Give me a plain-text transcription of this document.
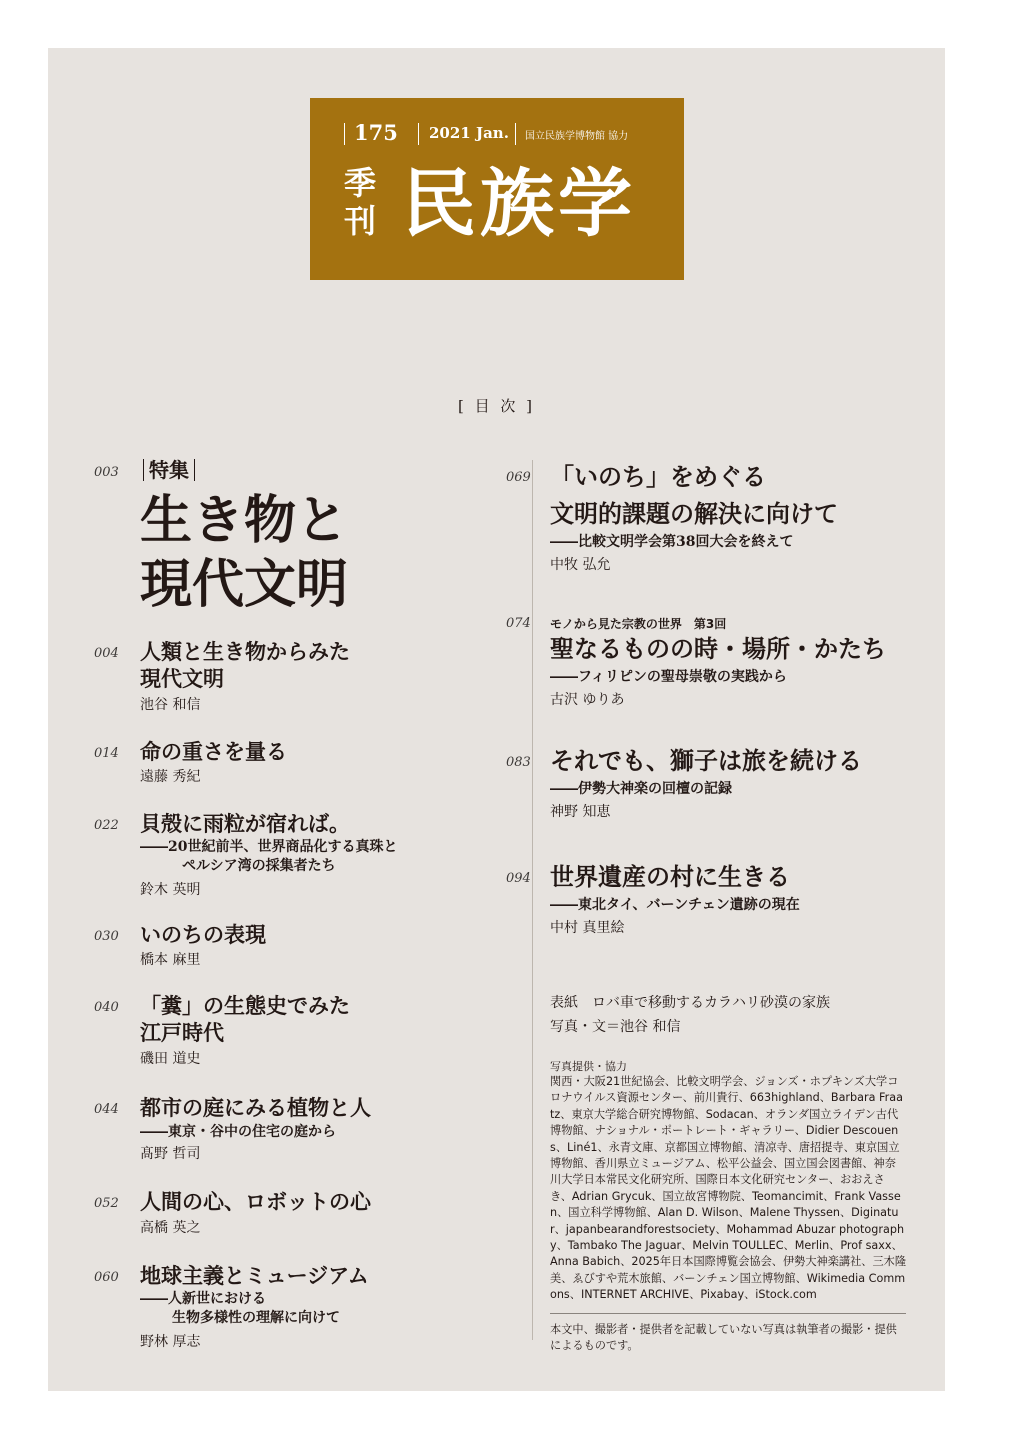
175 2021 Jan. 国立民族学博物館 協力
季刊 民族学
[ 目 次 ]
003	特集
生き物と
現代文明
004 人類と生き物からみた
現代文明
池谷 和信
014 命の重さを量る
遠藤 秀紀
022 貝殻に雨粒が宿れば。
――20世紀前半、世界商品化する真珠と
ペルシア湾の採集者たち
鈴木 英明
030 いのちの表現
橋本 麻里
040 「糞」の生態史でみた
江戸時代
磯田 道史
044 都市の庭にみる植物と人
――東京・谷中の住宅の庭から
髙野 哲司
052 人間の心、ロボットの心
高橋 英之
060 地球主義とミュージアム
――人新世における
生物多様性の理解に向けて
野林 厚志
069 「いのち」をめぐる
文明的課題の解決に向けて
――比較文明学会第38回大会を終えて
中牧 弘允
074 モノから見た宗教の世界　第3回
聖なるものの時・場所・かたち
――フィリピンの聖母崇敬の実践から
古沢 ゆりあ
083 それでも、獅子は旅を続ける
――伊勢大神楽の回檀の記録
神野 知恵
094 世界遺産の村に生きる
――東北タイ、バーンチェン遺跡の現在
中村 真里絵
表紙　ロバ車で移動するカラハリ砂漠の家族
写真・文＝池谷 和信
写真提供・協力
関西・大阪21世紀協会、比較文明学会、ジョンズ・ホプキンズ大学コロナウイルス資源センター、前川貴行、663highland、Barbara Fraatz、東京大学総合研究博物館、Sodacan、オランダ国立ライデン古代博物館、ナショナル・ポートレート・ギャラリー、Didier Descouens、Liné1、永青文庫、京都国立博物館、清凉寺、唐招提寺、東京国立博物館、香川県立ミュージアム、松平公益会、国立国会図書館、神奈川大学日本常民文化研究所、国際日本文化研究センター、おおえさき、Adrian Grycuk、国立故宮博物院、Teomancimit、Frank Vassen、国立科学博物館、Alan D. Wilson、Malene Thyssen、Diginatur、japanbearandforestsociety、Mohammad Abuzar photography、Tambako The Jaguar、Melvin TOULLEC、Merlin、Prof saxx、Anna Babich、2025年日本国際博覧会協会、伊勢大神楽講社、三木隆美、ゑびすや荒木旅館、バーンチェン国立博物館、Wikimedia Commons、INTERNET ARCHIVE、Pixabay、iStock.com
本文中、撮影者・提供者を記載していない写真は執筆者の撮影・提供によるものです。
